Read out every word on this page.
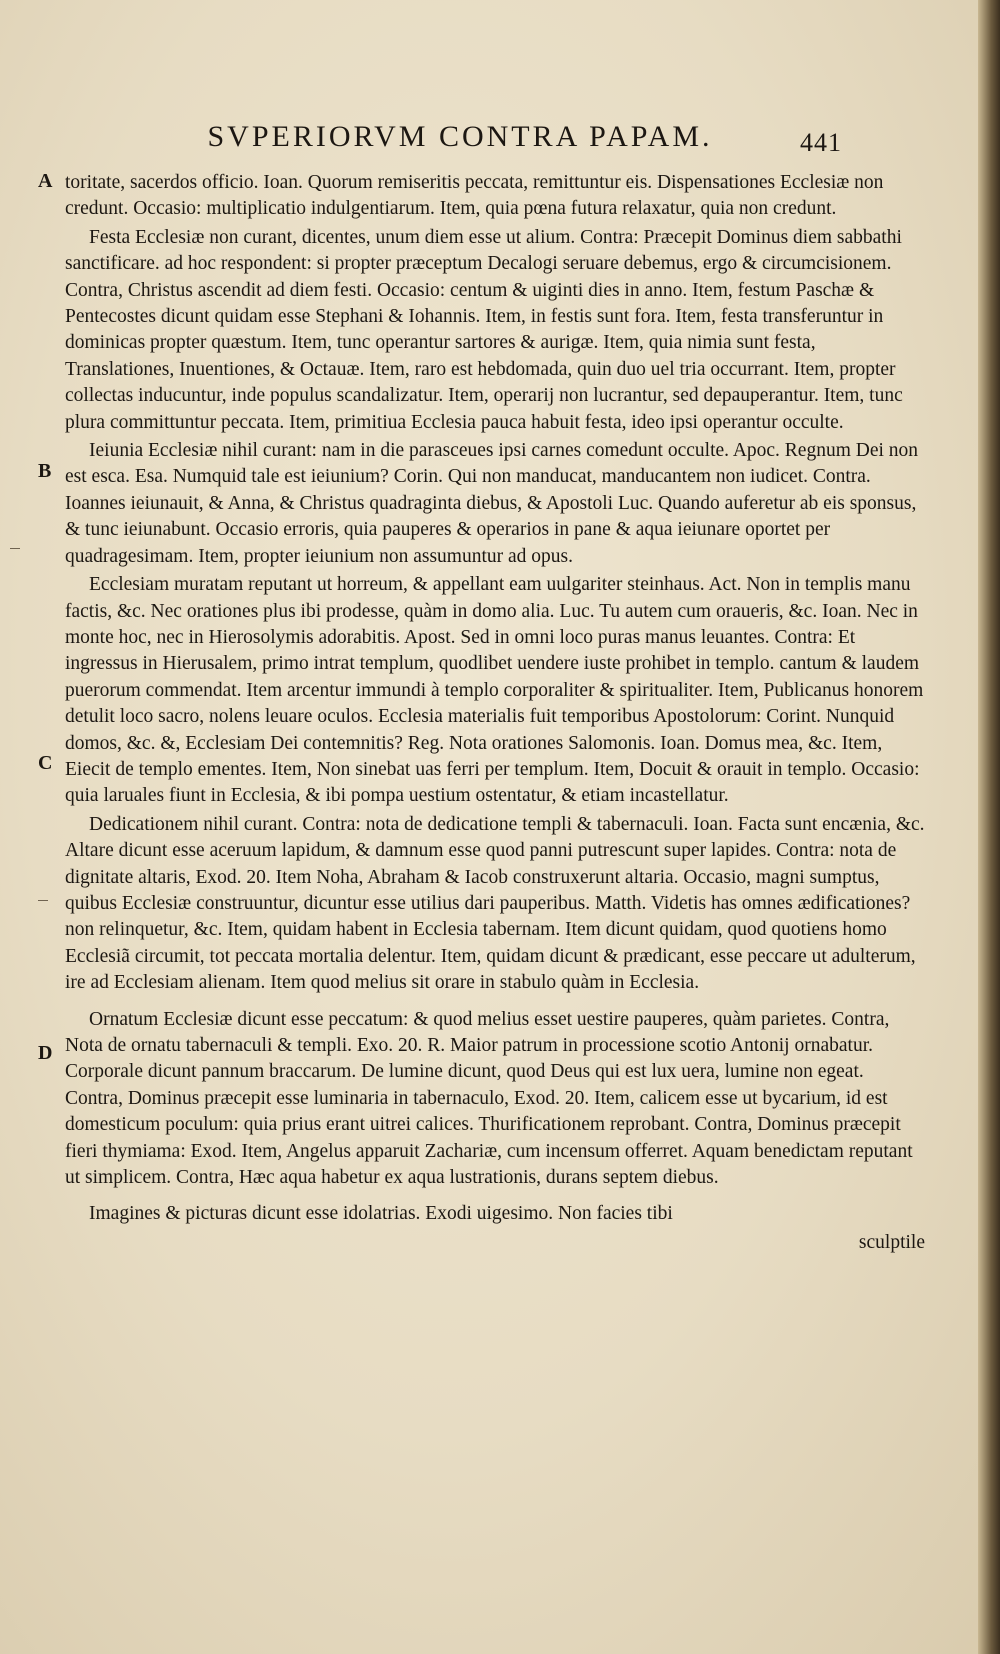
SVPERIORVM CONTRA PAPAM.	441
A
B
C
D

toritate, sacerdos officio. Ioan. Quorum remiseritis peccata, remittuntur eis. Dispensationes Ecclesiæ non credunt. Occasio: multiplicatio indulgentiarum. Item, quia pœna futura relaxatur, quia non credunt.

Festa Ecclesiæ non curant, dicentes, unum diem esse ut alium. Contra: Præcepit Dominus diem sabbathi sanctificare. ad hoc respondent: si propter præceptum Decalogi seruare debemus, ergo & circumcisionem. Contra, Christus ascendit ad diem festi. Occasio: centum & uiginti dies in anno. Item, festum Paschæ & Pentecostes dicunt quidam esse Stephani & Iohannis. Item, in festis sunt fora. Item, festa transferuntur in dominicas propter quæstum. Item, tunc operantur sartores & aurigæ. Item, quia nimia sunt festa, Translationes, Inuentiones, & Octauæ. Item, raro est hebdomada, quin duo uel tria occurrant. Item, propter collectas inducuntur, inde populus scandalizatur. Item, operarij non lucrantur, sed depauperantur. Item, tunc plura committuntur peccata. Item, primitiua Ecclesia pauca habuit festa, ideo ipsi operantur occulte.

Ieiunia Ecclesiæ nihil curant: nam in die parasceues ipsi carnes comedunt occulte. Apoc. Regnum Dei non est esca. Esa. Numquid tale est ieiunium? Corin. Qui non manducat, manducantem non iudicet. Contra. Ioannes ieiunauit, & Anna, & Christus quadraginta diebus, & Apostoli Luc. Quando auferetur ab eis sponsus, & tunc ieiunabunt. Occasio erroris, quia pauperes & operarios in pane & aqua ieiunare oportet per quadragesimam. Item, propter ieiunium non assumuntur ad opus.

Ecclesiam muratam reputant ut horreum, & appellant eam uulgariter steinhaus. Act. Non in templis manu factis, &c. Nec orationes plus ibi prodesse, quàm in domo alia. Luc. Tu autem cum oraueris, &c. Ioan. Nec in monte hoc, nec in Hierosolymis adorabitis. Apost. Sed in omni loco puras manus leuantes. Contra: Et ingressus in Hierusalem, primo intrat templum, quodlibet uendere iuste prohibet in templo. cantum & laudem puerorum commendat. Item arcentur immundi à templo corporaliter & spiritualiter. Item, Publicanus honorem detulit loco sacro, nolens leuare oculos. Ecclesia materialis fuit temporibus Apostolorum: Corint. Nunquid domos, &c. &, Ecclesiam Dei contemnitis? Reg. Nota orationes Salomonis. Ioan. Domus mea, &c. Item, Eiecit de templo ementes. Item, Non sinebat uas ferri per templum. Item, Docuit & orauit in templo. Occasio: quia laruales fiunt in Ecclesia, & ibi pompa uestium ostentatur, & etiam incastellatur.

Dedicationem nihil curant. Contra: nota de dedicatione templi & tabernaculi. Ioan. Facta sunt encænia, &c. Altare dicunt esse aceruum lapidum, & damnum esse quod panni putrescunt super lapides. Contra: nota de dignitate altaris, Exod. 20. Item Noha, Abraham & Iacob construxerunt altaria. Occasio, magni sumptus, quibus Ecclesiæ construuntur, dicuntur esse utilius dari pauperibus. Matth. Videtis has omnes ædificationes? non relinquetur, &c. Item, quidam habent in Ecclesia tabernam. Item dicunt quidam, quod quotiens homo Ecclesiã circumit, tot peccata mortalia delentur. Item, quidam dicunt & prædicant, esse peccare ut adulterum, ire ad Ecclesiam alienam. Item quod melius sit orare in stabulo quàm in Ecclesia.

Ornatum Ecclesiæ dicunt esse peccatum: & quod melius esset uestire pauperes, quàm parietes. Contra, Nota de ornatu tabernaculi & templi. Exo. 20. R. Maior patrum in processione scotio Antonij ornabatur. Corporale dicunt pannum braccarum. De lumine dicunt, quod Deus qui est lux uera, lumine non egeat. Contra, Dominus præcepit esse luminaria in tabernaculo, Exod. 20. Item, calicem esse ut bycarium, id est domesticum poculum: quia prius erant uitrei calices. Thurificationem reprobant. Contra, Dominus præcepit fieri thymiama: Exod. Item, Angelus apparuit Zachariæ, cum incensum offerret. Aquam benedictam reputant ut simplicem. Contra, Hæc aqua habetur ex aqua lustrationis, durans septem diebus.

Imagines & picturas dicunt esse idolatrias. Exodi uigesimo. Non facies tibi

sculptile
